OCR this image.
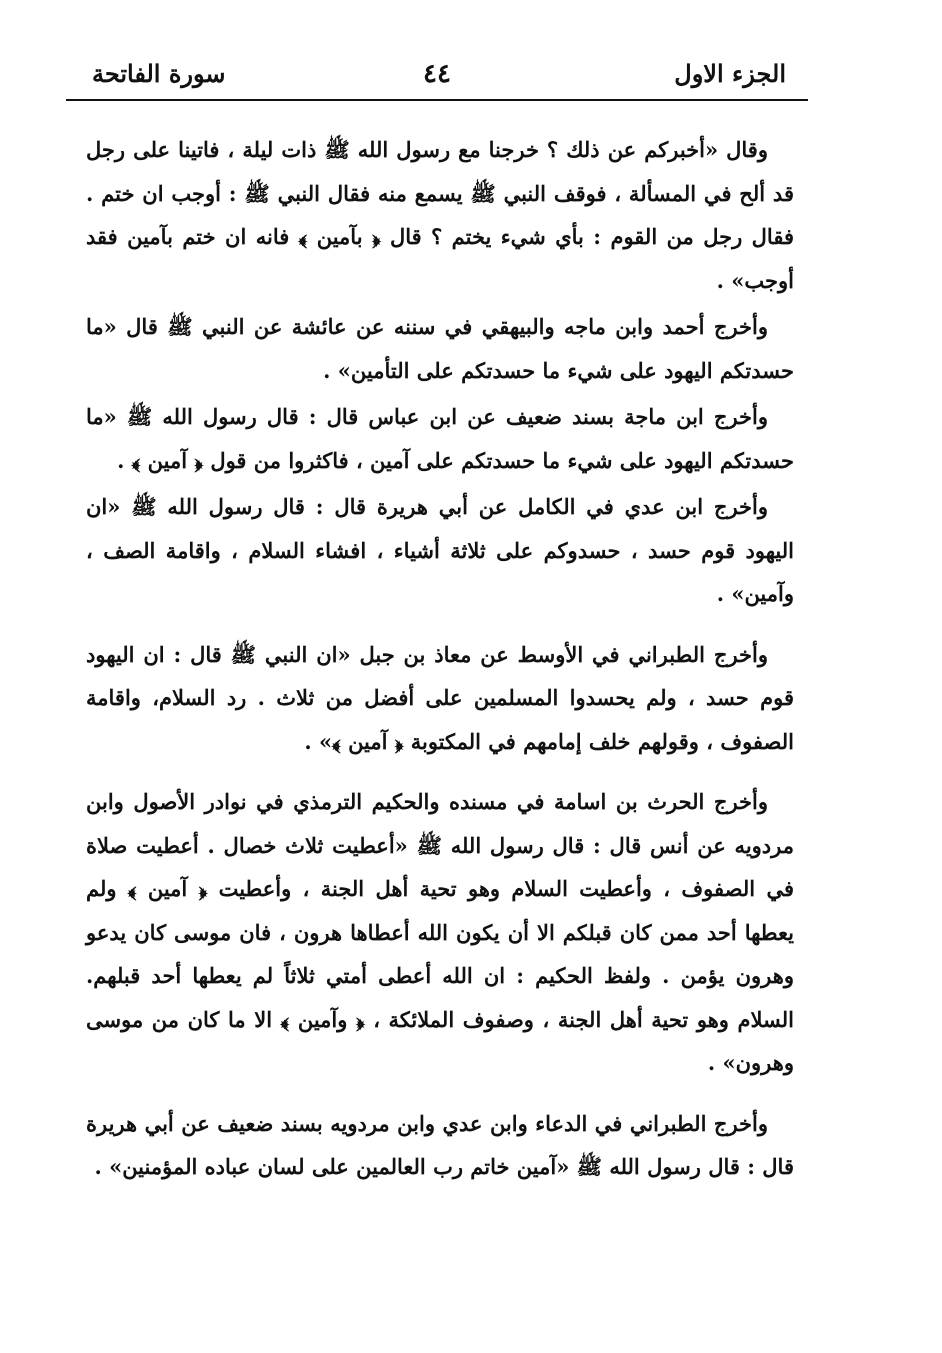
الجزء الاول
٤٤
سورة الفاتحة

وقال «أخبركم عن ذلك ؟ خرجنا مع رسول الله ﷺ ذات ليلة ، فاتينا على رجل قد ألح في المسألة ، فوقف النبي ﷺ يسمع منه فقال النبي ﷺ : أوجب ان ختم . فقال رجل من القوم : بأي شيء يختم ؟ قال ﴿ بآمين ﴾ فانه ان ختم بآمين فقد أوجب» .

وأخرج أحمد وابن ماجه والبيهقي في سننه عن عائشة عن النبي ﷺ قال «ما حسدتكم اليهود على شيء ما حسدتكم على التأمين» .

وأخرج ابن ماجة بسند ضعيف عن ابن عباس قال : قال رسول الله ﷺ «ما حسدتكم اليهود على شيء ما حسدتكم على آمين ، فاكثروا من قول ﴿ آمين ﴾ .

وأخرج ابن عدي في الكامل عن أبي هريرة قال : قال رسول الله ﷺ «ان اليهود قوم حسد ، حسدوكم على ثلاثة أشياء ، افشاء السلام ، واقامة الصف ، وآمين» .

وأخرج الطبراني في الأوسط عن معاذ بن جبل «ان النبي ﷺ قال : ان اليهود قوم حسد ، ولم يحسدوا المسلمين على أفضل من ثلاث . رد السلام، واقامة الصفوف ، وقولهم خلف إمامهم في المكتوبة ﴿ آمين ﴾» .

وأخرج الحرث بن اسامة في مسنده والحكيم الترمذي في نوادر الأصول وابن مردويه عن أنس قال : قال رسول الله ﷺ «أعطيت ثلاث خصال . أعطيت صلاة في الصفوف ، وأعطيت السلام وهو تحية أهل الجنة ، وأعطيت ﴿ آمين ﴾ ولم يعطها أحد ممن كان قبلكم الا أن يكون الله أعطاها هرون ، فان موسى كان يدعو وهرون يؤمن . ولفظ الحكيم : ان الله أعطى أمتي ثلاثاً لم يعطها أحد قبلهم. السلام وهو تحية أهل الجنة ، وصفوف الملائكة ، ﴿ وآمين ﴾ الا ما كان من موسى وهرون» .

وأخرج الطبراني في الدعاء وابن عدي وابن مردويه بسند ضعيف عن أبي هريرة قال : قال رسول الله ﷺ «آمين خاتم رب العالمين على لسان عباده المؤمنين» .
